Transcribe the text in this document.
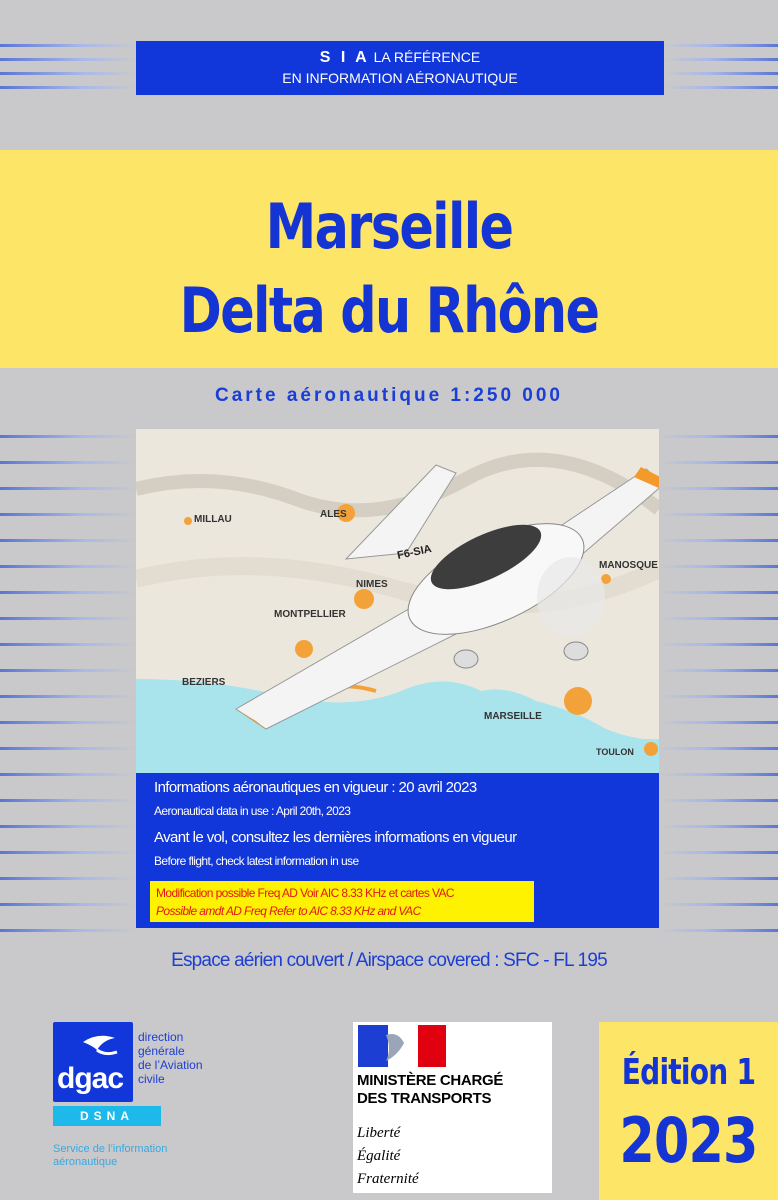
S I A LA RÉFÉRENCE
EN INFORMATION AÉRONAUTIQUE
Marseille
Delta du Rhône
Carte aéronautique 1:250 000
F6-SIA
MILLAU	ALES
NIMES
MONTPELLIER
MANOSQUE
BEZIERS
MARSEILLE
TOULON
Informations aéronautiques en vigueur : 20 avril 2023
Aeronautical data in use : April 20th, 2023
Avant le vol, consultez les dernières informations en vigueur
Before flight, check latest information in use
Modification possible Freq AD Voir AIC 8.33 KHz et cartes VAC
Possible amdt AD Freq Refer to AIC 8.33 KHz and VAC
Espace aérien couvert / Airspace covered : SFC - FL 195
dgac
direction
générale
de l’Aviation
civile
DSNA
Service de l’information
aéronautique
MINISTÈRE CHARGÉ
DES TRANSPORTS
Liberté
Égalité
Fraternité
Édition 1
2023
